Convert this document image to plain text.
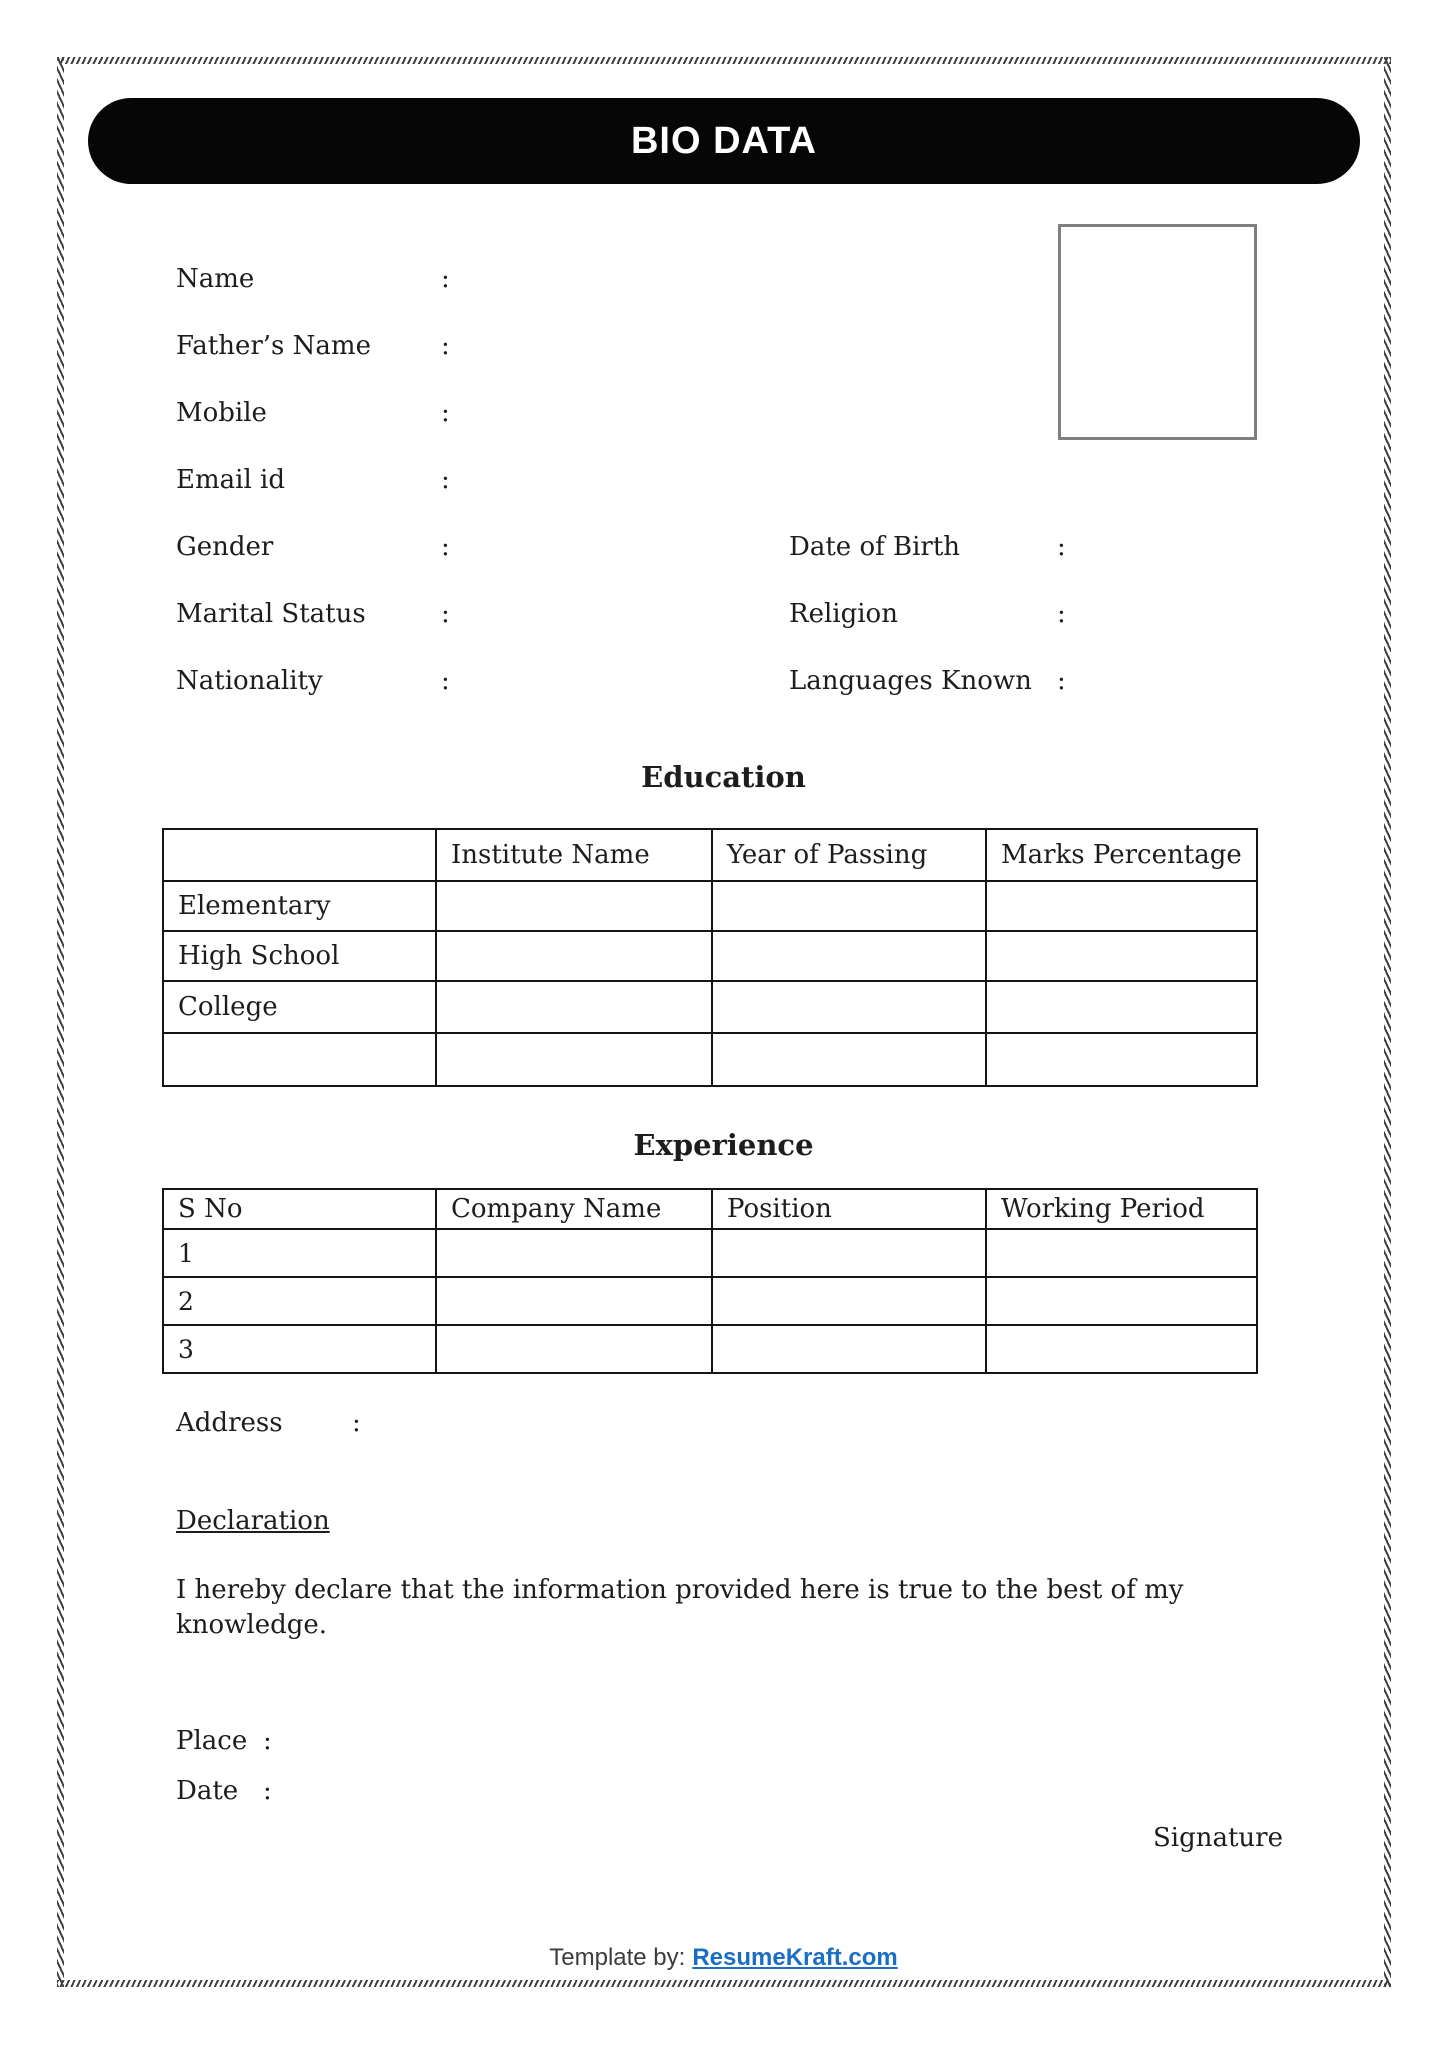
BIO DATA
Name	:
Father’s Name	:
Mobile	:
Email id	:
Gender	:	Date of Birth	:
Marital Status	:	Religion	:
Nationality	:	Languages Known :
Education
	Institute Name	Year of Passing	Marks Percentage
Elementary			
High School			
College			

Experience
S No	Company Name	Position	Working Period
1			
2			
3			
Address	:
Declaration
I hereby declare that the information provided here is true to the best of my knowledge.
Place :
Date :
Signature
Template by: ResumeKraft.com
